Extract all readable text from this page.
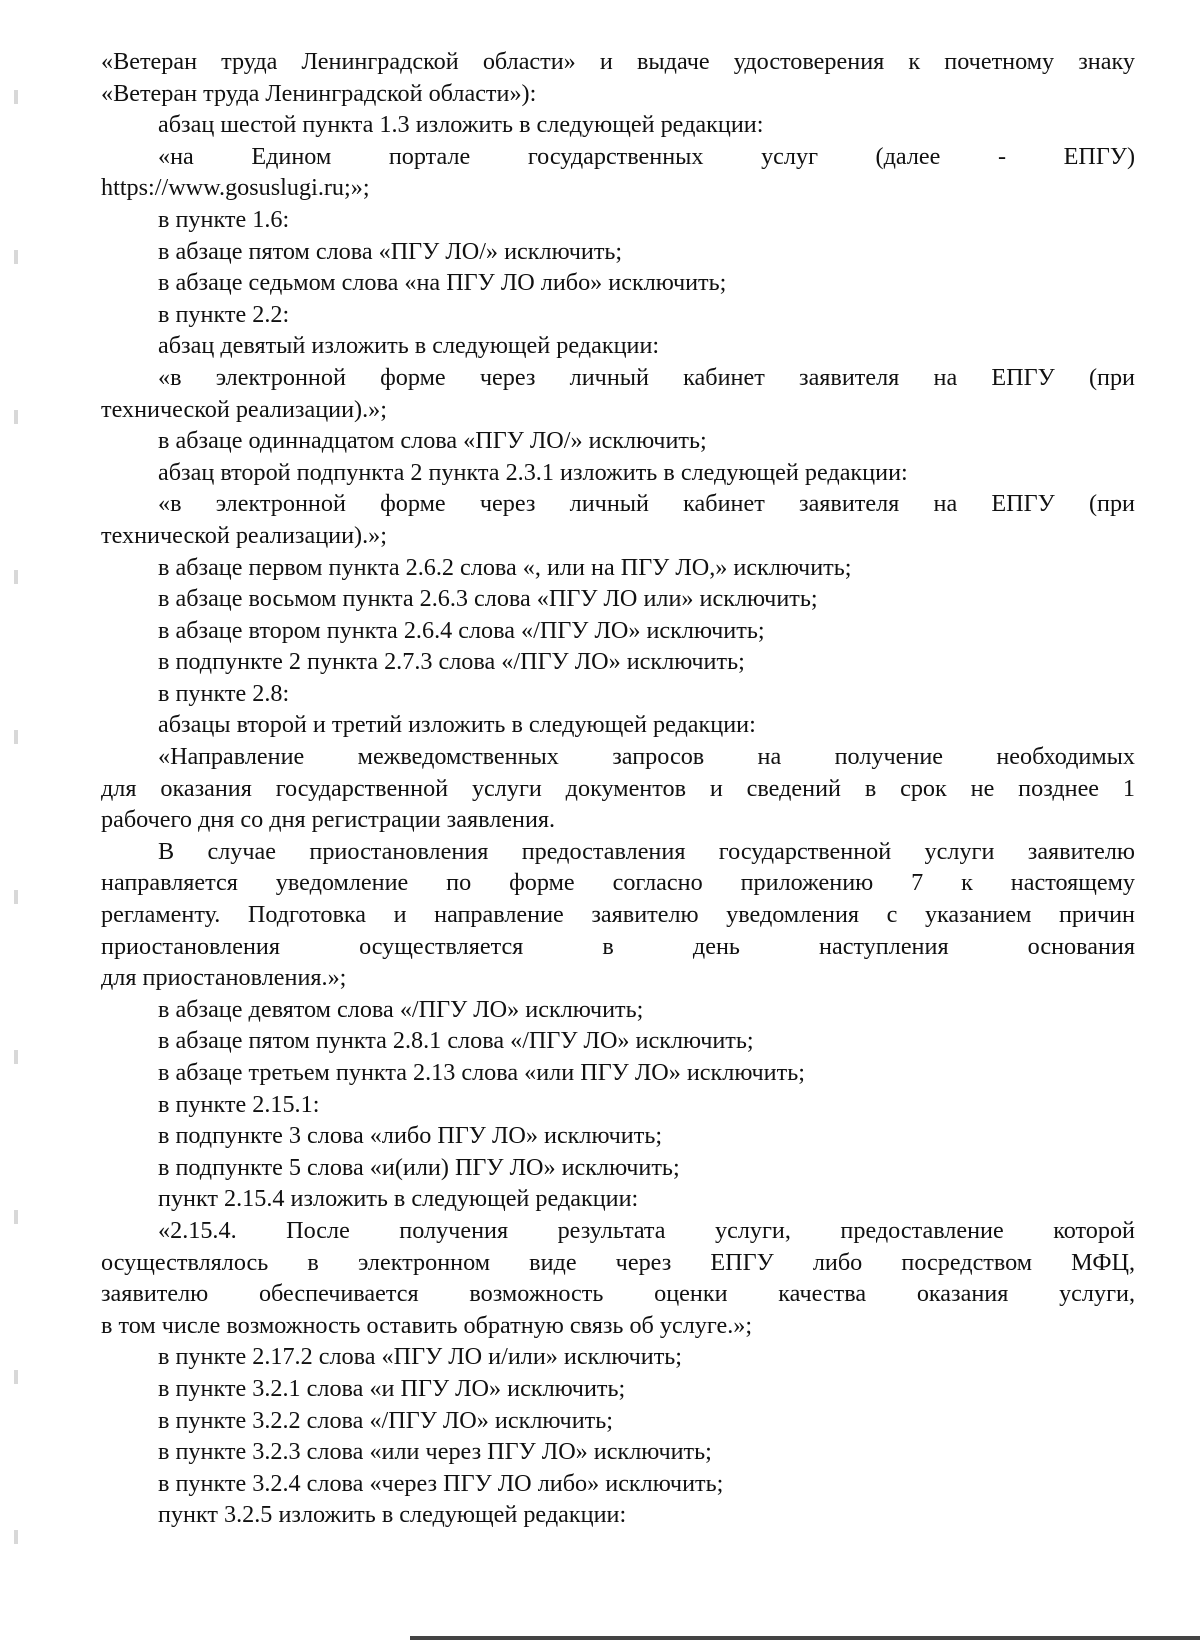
«Ветеран труда Ленинградской области» и выдаче удостоверения к почетному знаку
«Ветеран труда Ленинградской области»):
абзац шестой пункта 1.3 изложить в следующей редакции:
«на Едином порталe государственных услуг (далее - ЕПГУ)
https://www.gosuslugi.ru;»;
в пункте 1.6:
в абзаце пятом слова «ПГУ ЛО/» исключить;
в абзаце седьмом слова «на ПГУ ЛО либо» исключить;
в пункте 2.2:
абзац девятый изложить в следующей редакции:
«в электронной форме через личный кабинет заявителя на ЕПГУ (при
технической реализации).»;
в абзаце одиннадцатом слова «ПГУ ЛО/» исключить;
абзац второй подпункта 2 пункта 2.3.1 изложить в следующей редакции:
«в электронной форме через личный кабинет заявителя на ЕПГУ (при
технической реализации).»;
в абзаце первом пункта 2.6.2 слова «, или на ПГУ ЛО,» исключить;
в абзаце восьмом пункта 2.6.3 слова «ПГУ ЛО или» исключить;
в абзаце втором пункта 2.6.4 слова «/ПГУ ЛО» исключить;
в подпункте 2 пункта 2.7.3 слова «/ПГУ ЛО» исключить;
в пункте 2.8:
абзацы второй и третий изложить в следующей редакции:
«Направление межведомственных запросов на получение необходимых
для оказания государственной услуги документов и сведений в срок не позднее 1
рабочего дня со дня регистрации заявления.
В случае приостановления предоставления государственной услуги заявителю
направляется уведомление по форме согласно приложению 7 к настоящему
регламенту. Подготовка и направление заявителю уведомления с указанием причин
приостановления осуществляется в день наступления основания
для приостановления.»;
в абзаце девятом слова «/ПГУ ЛО» исключить;
в абзаце пятом пункта 2.8.1 слова «/ПГУ ЛО» исключить;
в абзаце третьем пункта 2.13 слова «или ПГУ ЛО» исключить;
в пункте 2.15.1:
в подпункте 3 слова «либо ПГУ ЛО» исключить;
в подпункте 5 слова «и(или) ПГУ ЛО» исключить;
пункт 2.15.4 изложить в следующей редакции:
«2.15.4. После получения результата услуги, предоставление которой
осуществлялось в электронном виде через ЕПГУ либо посредством МФЦ,
заявителю обеспечивается возможность оценки качества оказания услуги,
в том числе возможность оставить обратную связь об услуге.»;
в пункте 2.17.2 слова «ПГУ ЛО и/или» исключить;
в пункте 3.2.1 слова «и ПГУ ЛО» исключить;
в пункте 3.2.2 слова «/ПГУ ЛО» исключить;
в пункте 3.2.3 слова «или через ПГУ ЛО» исключить;
в пункте 3.2.4 слова «через ПГУ ЛО либо» исключить;
пункт 3.2.5 изложить в следующей редакции:
